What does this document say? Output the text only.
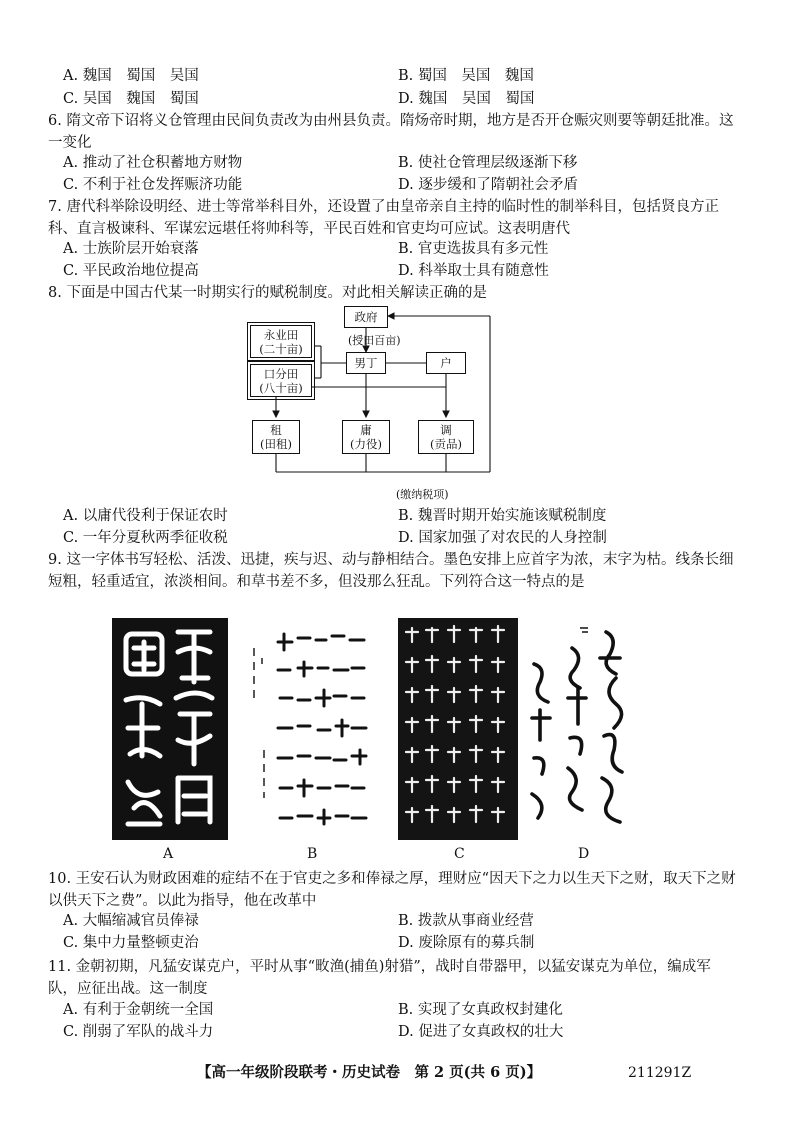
A. 魏国　蜀国　吴国	B. 蜀国　吴国　魏国
C. 吴国　魏国　蜀国	D. 魏国　吴国　蜀国
6. 隋文帝下诏将义仓管理由民间负责改为由州县负责。隋炀帝时期，地方是否开仓赈灾则要等朝廷批准。这一变化
A. 推动了社仓积蓄地方财物	B. 使社仓管理层级逐渐下移
C. 不利于社仓发挥赈济功能	D. 逐步缓和了隋朝社会矛盾
7. 唐代科举除设明经、进士等常举科目外，还设置了由皇帝亲自主持的临时性的制举科目，包括贤良方正科、直言极谏科、军谋宏远堪任将帅科等，平民百姓和官吏均可应试。这表明唐代
A. 士族阶层开始衰落	B. 官吏选拔具有多元性
C. 平民政治地位提高	D. 科举取士具有随意性
8. 下面是中国古代某一时期实行的赋税制度。对此相关解读正确的是
政府
(授田百亩)
永业田
(二十亩)
口分田
(八十亩)
男丁	户
租
(田租)
庸
(力役)
调
(贡品)
(缴纳税项)
A. 以庸代役利于保证农时	B. 魏晋时期开始实施该赋税制度
C. 一年分夏秋两季征收税	D. 国家加强了对农民的人身控制
9. 这一字体书写轻松、活泼、迅捷，疾与迟、动与静相结合。墨色安排上应首字为浓，末字为枯。线条长细短粗，轻重适宜，浓淡相间。和草书差不多，但没那么狂乱。下列符合这一特点的是
A	B	C	D
10. 王安石认为财政困难的症结不在于官吏之多和俸禄之厚，理财应“因天下之力以生天下之财，取天下之财以供天下之费”。以此为指导，他在改革中
A. 大幅缩减官员俸禄	B. 拨款从事商业经营
C. 集中力量整顿吏治	D. 废除原有的募兵制
11. 金朝初期，凡猛安谋克户，平时从事“畋渔(捕鱼)射猎”，战时自带器甲，以猛安谋克为单位，编成军队，应征出战。这一制度
A. 有利于金朝统一全国	B. 实现了女真政权封建化
C. 削弱了军队的战斗力	D. 促进了女真政权的壮大
【高一年级阶段联考・历史试卷　第 2 页(共 6 页)】	211291Z
